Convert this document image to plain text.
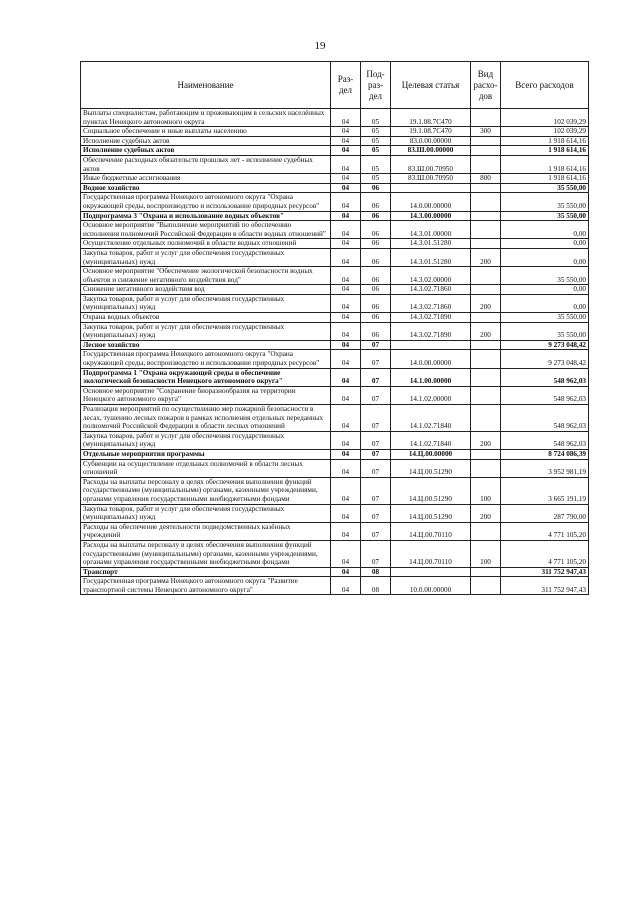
19
Наименование	Раз-дел	Под-раз-дел	Целевая статья	Вид расхо-дов	Всего расходов
Выплаты специалистам, работающим и проживающим в сельских населённых пунктах Ненецкого автономного округа	04	05	19.1.08.7С470		102 039,29
Социальное обеспечение и иные выплаты населению	04	05	19.1.08.7С470	300	102 039,29
Исполнение судебных актов	04	05	83.0.00.00000		1 918 614,16
Исполнение судебных актов	04	05	83.Ш.00.00000		1 918 614,16
Обеспечение расходных обязательств прошлых лет - исполнение судебных актов	04	05	83.Ш.00.70950		1 918 614,16
Иные бюджетные ассигнования	04	05	83.Ш.00.70950	800	1 918 614,16
Водное хозяйство	04	06			35 550,00
Государственная программа Ненецкого автономного округа "Охрана окружающей среды, воспроизводство и использование природных ресурсов"	04	06	14.0.00.00000		35 550,00
Подпрограмма 3 "Охрана и использование водных объектов"	04	06	14.3.00.00000		35 550,00
Основное мероприятие "Выполнение мероприятий по обеспечению исполнения полномочий Российской Федерации в области водных отношений"	04	06	14.3.01.00000		0,00
Осуществление отдельных полномочий в области водных отношений	04	06	14.3.01.51280		0,00
Закупка товаров, работ и услуг для обеспечения государственных (муниципальных) нужд	04	06	14.3.01.51280	200	0,00
Основное мероприятие "Обеспечение экологической безопасности водных объектов и снижение негативного воздействия вод"	04	06	14.3.02.00000		35 550,00
Снижение негативного воздействия вод	04	06	14.3.02.71860		0,00
Закупка товаров, работ и услуг для обеспечения государственных (муниципальных) нужд	04	06	14.3.02.71860	200	0,00
Охрана водных объектов	04	06	14.3.02.71890		35 550,00
Закупка товаров, работ и услуг для обеспечения государственных (муниципальных) нужд	04	06	14.3.02.71890	200	35 550,00
Лесное хозяйство	04	07			9 273 048,42
Государственная программа Ненецкого автономного округа "Охрана окружающей среды, воспроизводство и использование природных ресурсов"	04	07	14.0.00.00000		9 273 048,42
Подпрограмма 1 "Охрана окружающей среды и обеспечение экологической безопасности Ненецкого автономного округа"	04	07	14.1.00.00000		548 962,03
Основное мероприятие "Сохранение биоразнообразия на территории Ненецкого автономного округа"	04	07	14.1.02.00000		548 962,03
Реализация мероприятий по осуществлению мер пожарной безопасности в лесах, тушению лесных пожаров в рамках исполнения отдельных переданных полномочий Российской Федерации в области лесных отношений	04	07	14.1.02.71840		548 962,03
Закупка товаров, работ и услуг для обеспечения государственных (муниципальных) нужд	04	07	14.1.02.71840	200	548 962,03
Отдельные мероприятия программы	04	07	14.Ц.00.00000		8 724 086,39
Субвенции на осуществление отдельных полномочий в области лесных отношений	04	07	14.Ц.00.51290		3 952 981,19
Расходы на выплаты персоналу в целях обеспечения выполнения функций государственными (муниципальными) органами, казенными учреждениями, органами управления государственными внебюджетными фондами	04	07	14.Ц.00.51290	100	3 665 191,19
Закупка товаров, работ и услуг для обеспечения государственных (муниципальных) нужд	04	07	14.Ц.00.51290	200	287 790,00
Расходы на обеспечение деятельности подведомственных казённых учреждений	04	07	14.Ц.00.70110		4 771 105,20
Расходы на выплаты персоналу в целях обеспечения выполнения функций государственными (муниципальными) органами, казенными учреждениями, органами управления государственными внебюджетными фондами	04	07	14.Ц.00.70110	100	4 771 105,20
Транспорт	04	08			311 752 947,43
Государственная программа Ненецкого автономного округа "Развитие транспортной системы Ненецкого автономного округа"	04	08	10.0.00.00000		311 752 947,43
